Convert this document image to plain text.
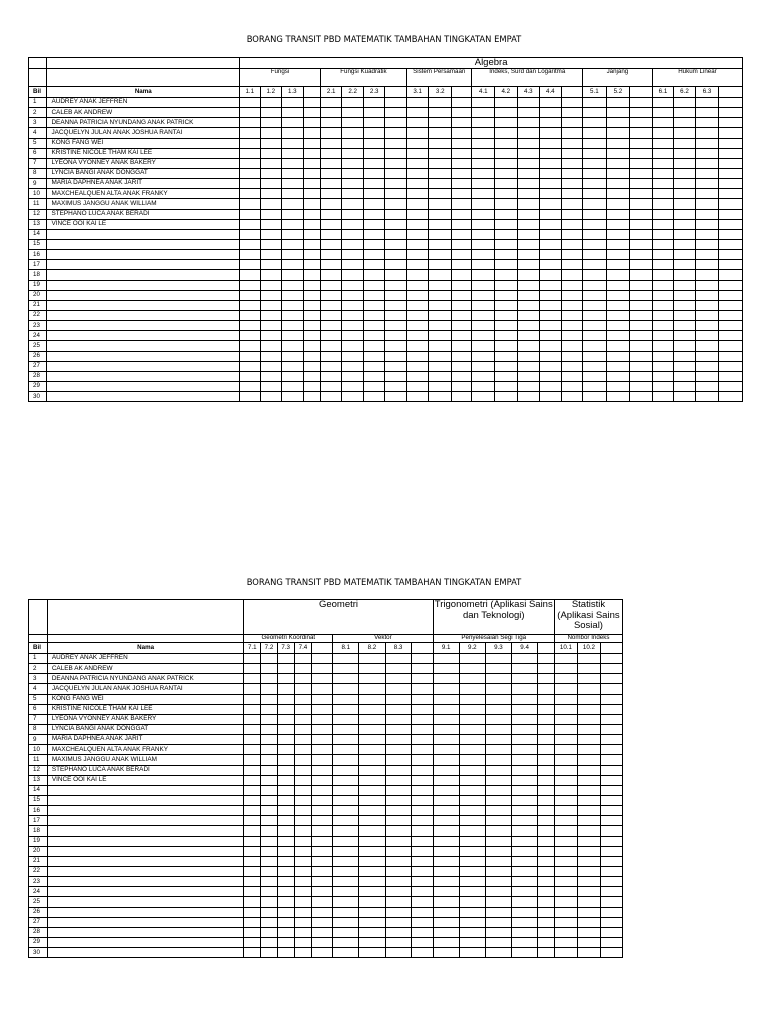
BORANG TRANSIT PBD MATEMATIK TAMBAHAN TINGKATAN EMPAT
		Algebra																						
		Fungsi				Fungsi Kuadratik				Sistem Persamaan			Indeks, Surd dan Logaritma					Janjang			Hukum Linear			
Bil	Nama	1.1	1.2	1.3		2.1	2.2	2.3		3.1	3.2		4.1	4.2	4.3	4.4		5.1	5.2		6.1	6.2	6.3	
1	AUDREY ANAK JEFFREN																							
2	CALEB AK ANDREW																							
3	DEANNA PATRICIA NYUNDANG ANAK PATRICK																							
4	JACQUELYN JULAN ANAK JOSHUA RANTAI																							
5	KONG FANG WEI																							
6	KRISTINE NICOLE THAM KAI LEE																							
7	LYEONA VYONNEY ANAK BAKERY																							
8	LYNCIA BANGI ANAK DONGGAT																							
9	MARIA DAPHNEA ANAK JARIT																							
10	MAXCHEALQUEN ALTA ANAK FRANKY																							
11	MAXIMUS JANGGU ANAK WILLIAM																							
12	STEPHANO LUCA ANAK BERADI																							
13	VINCE OOI KAI LE																							
14																								
15																								
16																								
17																								
18																								
19																								
20																								
21																								
22																								
23																								
24																								
25																								
26																								
27																								
28																								
29																								
30																								
BORANG TRANSIT PBD MATEMATIK TAMBAHAN TINGKATAN EMPAT
		Geometri									Trigonometri (Aplikasi Sains dan Teknologi)					Statistik (Aplikasi Sains Sosial)		
		Geometri Koordinat					Vektor				Penyelesaian Segi Tiga					Nombor Indeks		
Bil	Nama	7.1	7.2	7.3	7.4		8.1	8.2	8.3		9.1	9.2	9.3	9.4		10.1	10.2	
1	AUDREY ANAK JEFFREN																	
2	CALEB AK ANDREW																	
3	DEANNA PATRICIA NYUNDANG ANAK PATRICK																	
4	JACQUELYN JULAN ANAK JOSHUA RANTAI																	
5	KONG FANG WEI																	
6	KRISTINE NICOLE THAM KAI LEE																	
7	LYEONA VYONNEY ANAK BAKERY																	
8	LYNCIA BANGI ANAK DONGGAT																	
9	MARIA DAPHNEA ANAK JARIT																	
10	MAXCHEALQUEN ALTA ANAK FRANKY																	
11	MAXIMUS JANGGU ANAK WILLIAM																	
12	STEPHANO LUCA ANAK BERADI																	
13	VINCE OOI KAI LE																	
14																		
15																		
16																		
17																		
18																		
19																		
20																		
21																		
22																		
23																		
24																		
25																		
26																		
27																		
28																		
29																		
30																		
